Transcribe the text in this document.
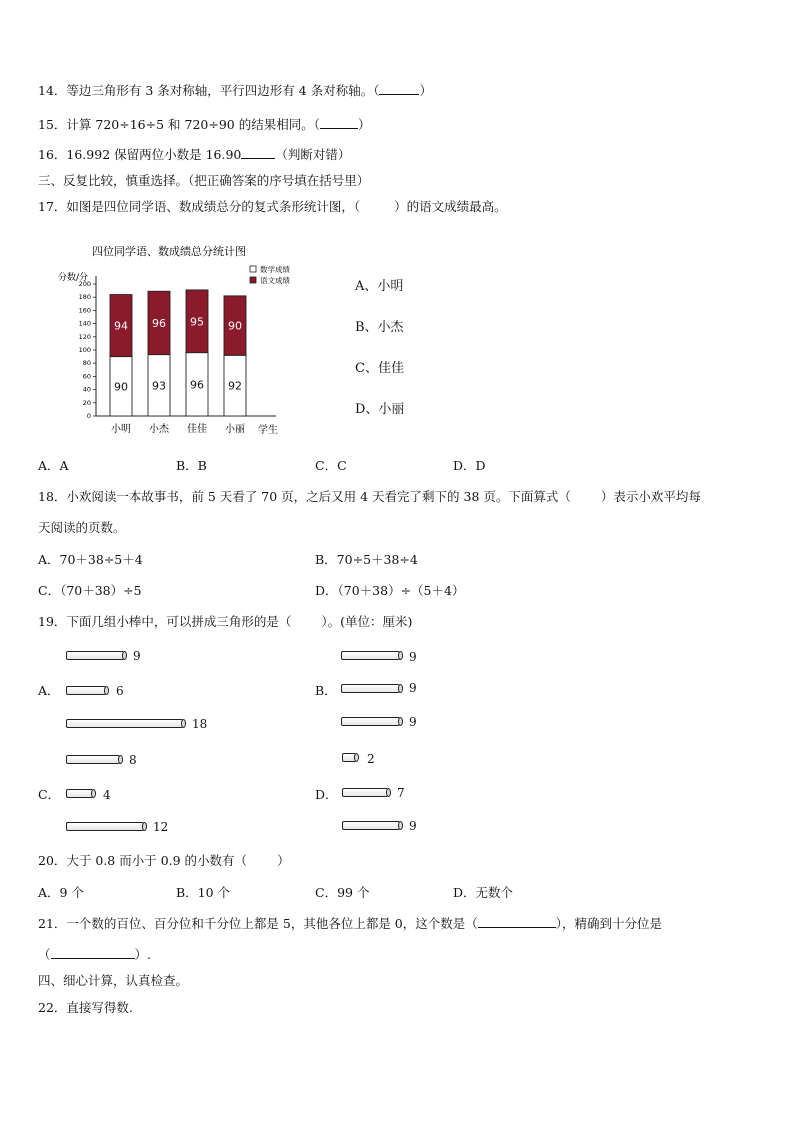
14．等边三角形有 3 条对称轴，平行四边形有 4 条对称轴。（	）
15．计算 720÷16÷5 和 720÷90 的结果相同。（	）
16．16.992 保留两位小数是 16.90	（判断对错）
三、反复比较，慎重选择。（把正确答案的序号填在括号里）
17．如图是四位同学语、数成绩总分的复式条形统计图，（	）的语文成绩最高。
四位同学语、数成绩总分统计图
分数/分
学生
0
20
40
60
80
100
120
140
160
180
200
90
94
小明
93
96
小杰
96
95
佳佳
92
90
小丽
数学成绩
语文成绩	A、小明
B、小杰
C、佳佳
D、小丽
A．A	B．B	C．C	D．D
18．小欢阅读一本故事书，前 5 天看了 70 页，之后又用 4 天看完了剩下的 38 页。下面算式（ ）表示小欢平均每
天阅读的页数。
A．70＋38÷5＋4	B．70÷5＋38÷4
C．（70＋38）÷5	D．（70＋38）÷（5＋4）
19．下面几组小棒中，可以拼成三角形的是（ ）。(单位：厘米)
A．
9
6
18
B．
9
9
9
C．
8
4
12
D．
2
7
9
20．大于 0.8 而小于 0.9 的小数有（ ）
A．9 个	B．10 个	C．99 个	D．无数个
21．一个数的百位、百分位和千分位上都是 5，其他各位上都是 0，这个数是（	），精确到十分位是
（	）.
四、细心计算，认真检查。
22．直接写得数.
